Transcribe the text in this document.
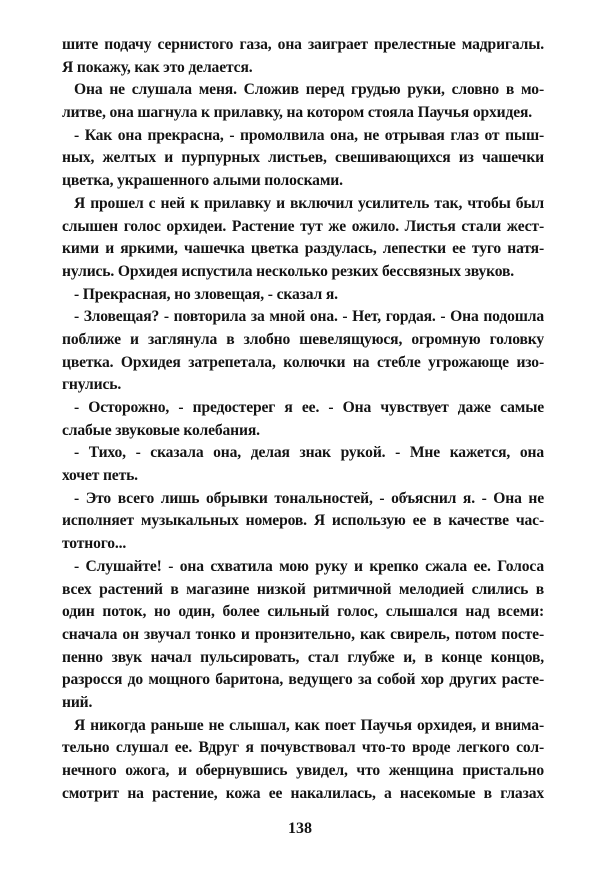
шите подачу сернистого газа, она заиграет прелестные мадригалы.
Я покажу, как это делается.
Она не слушала меня. Сложив перед грудью руки, словно в мо-
литве, она шагнула к прилавку, на котором стояла Паучья орхидея.
- Как она прекрасна, - промолвила она, не отрывая глаз от пыш-
ных, желтых и пурпурных листьев, свешивающихся из чашечки
цветка, украшенного алыми полосками.
Я прошел с ней к прилавку и включил усилитель так, чтобы был
слышен голос орхидеи. Растение тут же ожило. Листья стали жест-
кими и яркими, чашечка цветка раздулась, лепестки ее туго натя-
нулись. Орхидея испустила несколько резких бессвязных звуков.
- Прекрасная, но зловещая, - сказал я.
- Зловещая? - повторила за мной она. - Нет, гордая. - Она подошла
поближе и заглянула в злобно шевелящуюся, огромную головку
цветка. Орхидея затрепетала, колючки на стебле угрожающе изо-
гнулись.
- Осторожно, - предостерег я ее. - Она чувствует даже самые
слабые звуковые колебания.
- Тихо, - сказала она, делая знак рукой. - Мне кажется, она
хочет петь.
- Это всего лишь обрывки тональностей, - объяснил я. - Она не
исполняет музыкальных номеров. Я использую ее в качестве час-
тотного...
- Слушайте! - она схватила мою руку и крепко сжала ее. Голоса
всех растений в магазине низкой ритмичной мелодией слились в
один поток, но один, более сильный голос, слышался над всеми:
сначала он звучал тонко и пронзительно, как свирель, потом посте-
пенно звук начал пульсировать, стал глубже и, в конце концов,
разросся до мощного баритона, ведущего за собой хор других расте-
ний.
Я никогда раньше не слышал, как поет Паучья орхидея, и внима-
тельно слушал ее. Вдруг я почувствовал что-то вроде легкого сол-
нечного ожога, и обернувшись увидел, что женщина пристально
смотрит на растение, кожа ее накалилась, а насекомые в глазах
138
